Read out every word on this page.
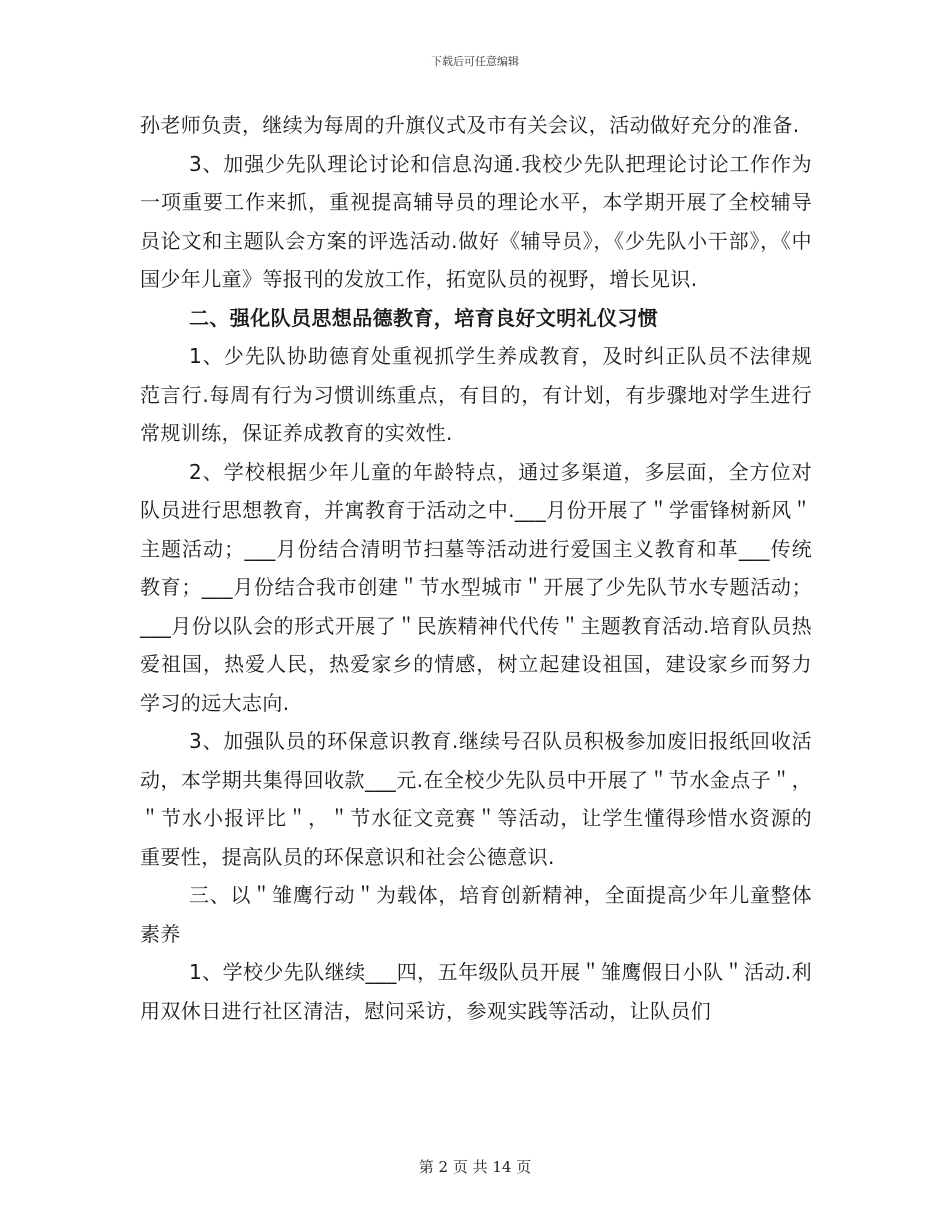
下载后可任意编辑

孙老师负责，继续为每周的升旗仪式及市有关会议，活动做好充分的准备.

3、加强少先队理论讨论和信息沟通.我校少先队把理论讨论工作作为一项重要工作来抓，重视提高辅导员的理论水平，本学期开展了全校辅导员论文和主题队会方案的评选活动.做好《辅导员》，《少先队小干部》，《中国少年儿童》等报刊的发放工作，拓宽队员的视野，增长见识.

二、强化队员思想品德教育，培育良好文明礼仪习惯

1、少先队协助德育处重视抓学生养成教育，及时纠正队员不法律规范言行.每周有行为习惯训练重点，有目的，有计划，有步骤地对学生进行常规训练，保证养成教育的实效性.

2、学校根据少年儿童的年龄特点，通过多渠道，多层面，全方位对队员进行思想教育，并寓教育于活动之中.___月份开展了＂学雷锋树新风＂主题活动；___月份结合清明节扫墓等活动进行爱国主义教育和革___传统教育；___月份结合我市创建＂节水型城市＂开展了少先队节水专题活动；___月份以队会的形式开展了＂民族精神代代传＂主题教育活动.培育队员热爱祖国，热爱人民，热爱家乡的情感，树立起建设祖国，建设家乡而努力学习的远大志向.

3、加强队员的环保意识教育.继续号召队员积极参加废旧报纸回收活动，本学期共集得回收款___元.在全校少先队员中开展了＂节水金点子＂，＂节水小报评比＂，＂节水征文竞赛＂等活动，让学生懂得珍惜水资源的重要性，提高队员的环保意识和社会公德意识.

三、以＂雏鹰行动＂为载体，培育创新精神，全面提高少年儿童整体素养

1、学校少先队继续___四，五年级队员开展＂雏鹰假日小队＂活动.利用双休日进行社区清洁，慰问采访，参观实践等活动，让队员们

第 2 页 共 14 页
